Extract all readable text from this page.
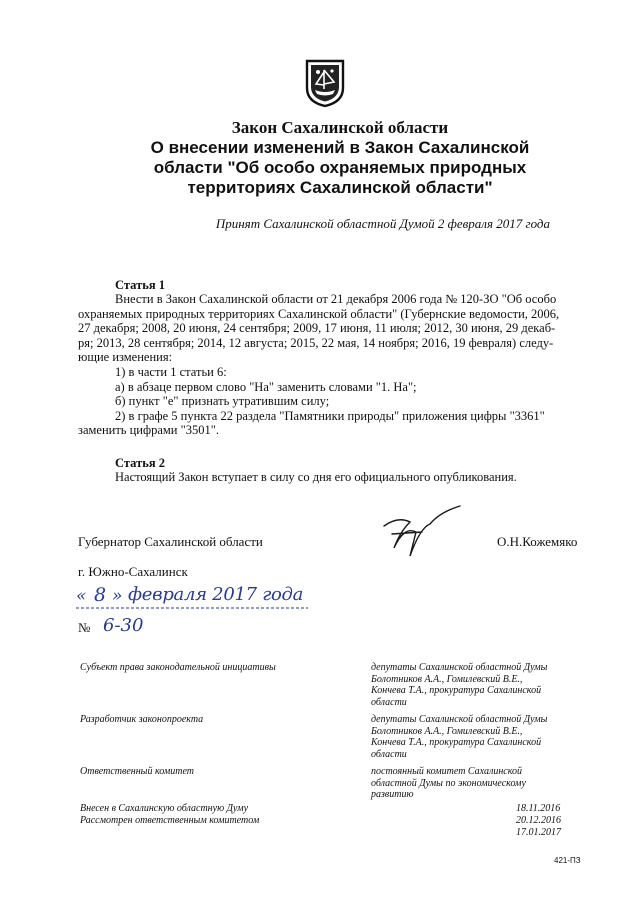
Закон Сахалинской области
О внесении изменений в Закон Сахалинской
области "Об особо охраняемых природных
территориях Сахалинской области"
Принят Сахалинской областной Думой 2 февраля 2017 года
Статья 1

Внести в Закон Сахалинской области от 21 декабря 2006 года № 120-ЗО "Об особо

охраняемых природных территориях Сахалинской области" (Губернские ведомости, 2006,

27 декабря; 2008, 20 июня, 24 сентября; 2009, 17 июня, 11 июля; 2012, 30 июня, 29 декаб-

ря; 2013, 28 сентября; 2014, 12 августа; 2015, 22 мая, 14 ноября; 2016, 19 февраля) следу-

ющие изменения:

1) в части 1 статьи 6:

а) в абзаце первом слово "На" заменить словами "1. На";

б) пункт "е" признать утратившим силу;

2) в графе 5 пункта 22 раздела "Памятники природы" приложения цифры "3361"

заменить цифрами "3501".

Статья 2

Настоящий Закон вступает в силу со дня его официального опубликования.

Губернатор Сахалинской области	О.Н.Кожемяко
г. Южно-Сахалинск
« 8 » февраля 2017 года
№ 6-30
Субъект права законодательной инициативы	депутаты Сахалинской областной Думы
Болотников А.А., Гомилевский В.Е.,
Кончева Т.А., прокуратура Сахалинской
области
Разработчик законопроекта	депутаты Сахалинской областной Думы
Болотников А.А., Гомилевский В.Е.,
Кончева Т.А., прокуратура Сахалинской
области
Ответственный комитет	постоянный комитет Сахалинской
областной Думы по экономическому
развитию
Внесен в Сахалинскую областную Думу	18.11.2016
Рассмотрен ответственным комитетом	20.12.2016
17.01.2017
421-ПЗ
